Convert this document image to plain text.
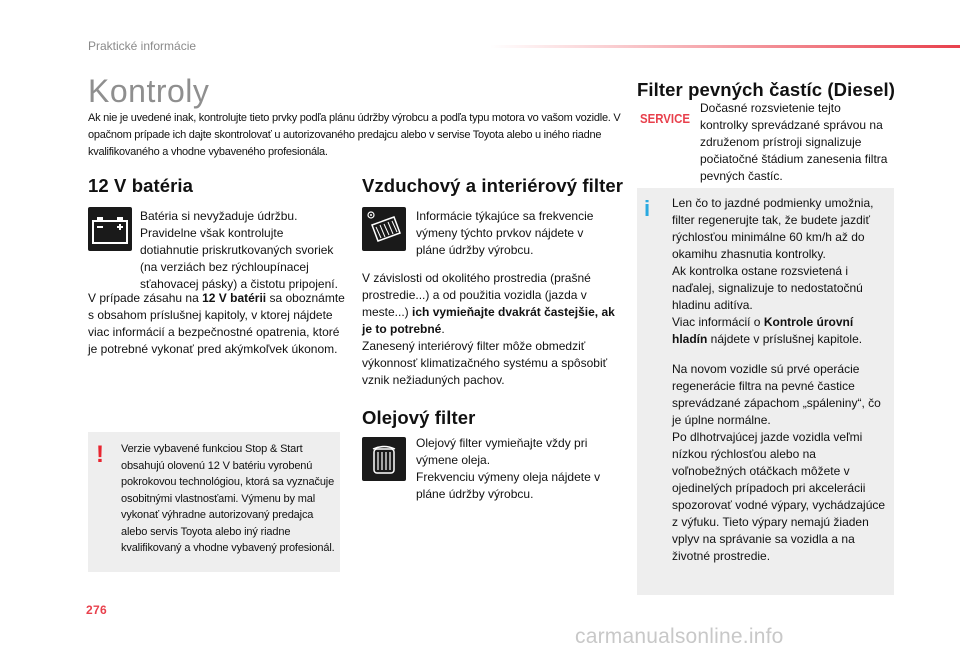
Praktické informácie
Kontroly
Ak nie je uvedené inak, kontrolujte tieto prvky podľa plánu údržby výrobcu a podľa typu motora vo vašom vozidle. V opačnom prípade ich dajte skontrolovať u autorizovaného predajcu alebo v servise Toyota alebo u iného riadne kvalifikovaného a vhodne vybaveného profesionála.
12 V batéria
Batéria si nevyžaduje údržbu. Pravidelne však kontrolujte dotiahnutie priskrutkovaných svoriek (na verziách bez rýchloupínacej sťahovacej pásky) a čistotu pripojení.
V prípade zásahu na 12 V batérii sa oboznámte s obsahom príslušnej kapitoly, v ktorej nájdete viac informácií a bezpečnostné opatrenia, ktoré je potrebné vykonať pred akýmkoľvek úkonom.
! Verzie vybavené funkciou Stop & Start obsahujú olovenú 12 V batériu vyrobenú pokrokovou technológiou, ktorá sa vyznačuje osobitnými vlastnosťami. Výmenu by mal vykonať výhradne autorizovaný predajca alebo servis Toyota alebo iný riadne kvalifikovaný a vhodne vybavený profesionál.
Vzduchový a interiérový filter
Informácie týkajúce sa frekvencie výmeny týchto prvkov nájdete v pláne údržby výrobcu.
V závislosti od okolitého prostredia (prašné prostredie...) a od použitia vozidla (jazda v meste...) ich vymieňajte dvakrát častejšie, ak je to potrebné.
Zanesený interiérový filter môže obmedziť výkonnosť klimatizačného systému a spôsobiť vznik nežiaduných pachov.
Olejový filter
Olejový filter vymieňajte vždy pri výmene oleja.
Frekvenciu výmeny oleja nájdete v pláne údržby výrobcu.
Filter pevných častíc (Diesel)
SERVICE
Dočasné rozsvietenie tejto kontrolky sprevádzané správou na združenom prístroji signalizuje počiatočné štádium zanesenia filtra pevných častíc.
i Len čo to jazdné podmienky umožnia, filter regenerujte tak, že budete jazdiť rýchlosťou minimálne 60 km/h až do okamihu zhasnutia kontrolky.
Ak kontrolka ostane rozsvietená i naďalej, signalizuje to nedostatočnú hladinu aditíva.
Viac informácií o Kontrole úrovní hladín nájdete v príslušnej kapitole.
Na novom vozidle sú prvé operácie regenerácie filtra na pevné častice sprevádzané zápachom „spáleniny“, čo je úplne normálne.
Po dlhotrvajúcej jazde vozidla veľmi nízkou rýchlosťou alebo na voľnobežných otáčkach môžete v ojedinelých prípadoch pri akcelerácii spozorovať vodné výpary, vychádzajúce z výfuku. Tieto výpary nemajú žiaden vplyv na správanie sa vozidla a na životné prostredie.
276
carmanualsonline.info
